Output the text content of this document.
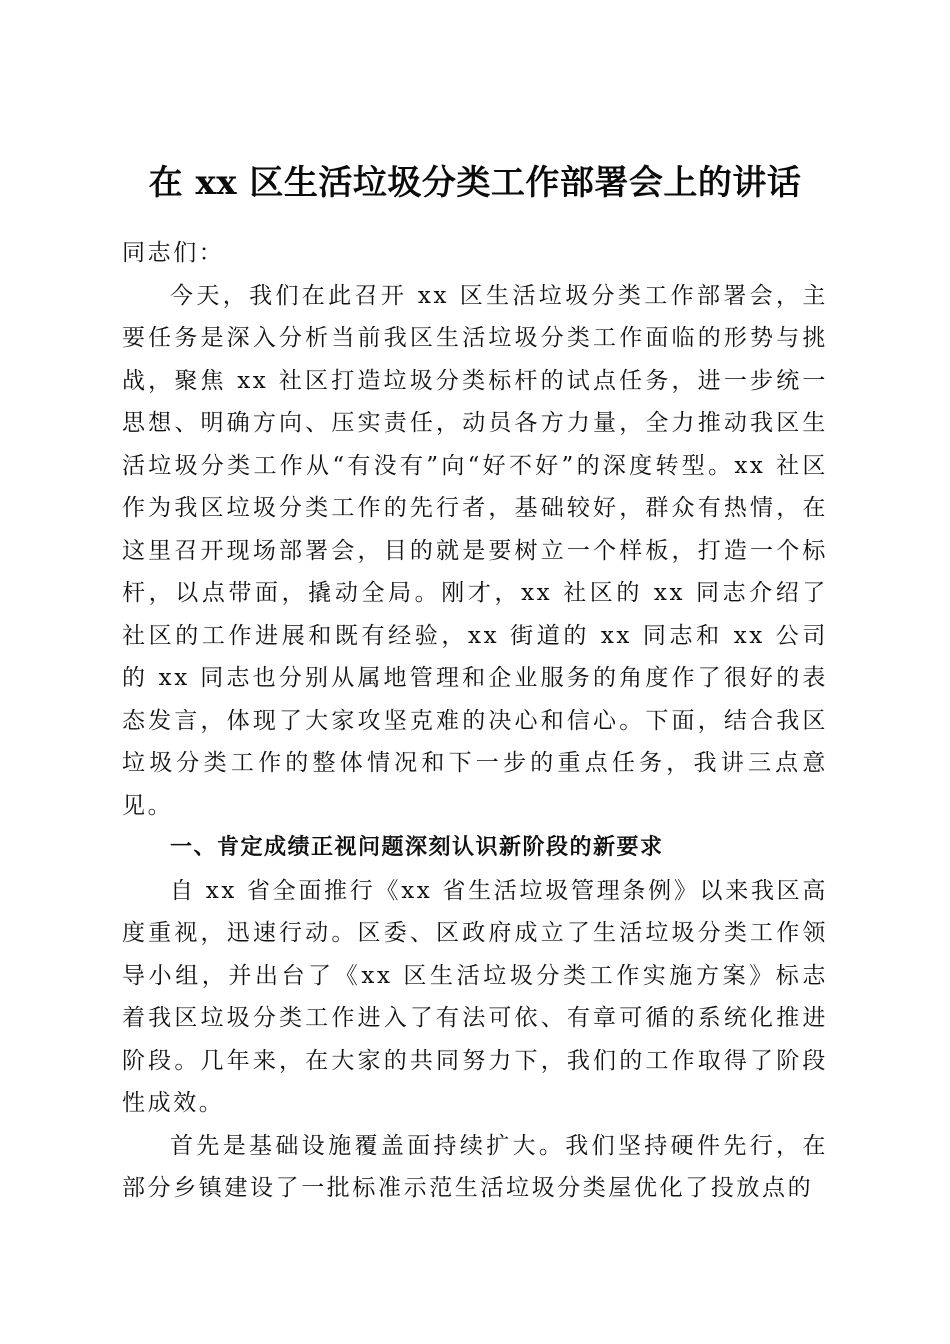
在 xx 区生活垃圾分类工作部署会上的讲话

同志们：

今天，我们在此召开 xx 区生活垃圾分类工作部署会，主要任务是深入分析当前我区生活垃圾分类工作面临的形势与挑战，聚焦 xx 社区打造垃圾分类标杆的试点任务，进一步统一思想、明确方向、压实责任，动员各方力量，全力推动我区生活垃圾分类工作从“有没有”向“好不好”的深度转型。xx 社区作为我区垃圾分类工作的先行者，基础较好，群众有热情，在这里召开现场部署会，目的就是要树立一个样板，打造一个标杆，以点带面，撬动全局。刚才，xx 社区的 xx 同志介绍了社区的工作进展和既有经验，xx 街道的 xx 同志和 xx 公司的 xx 同志也分别从属地管理和企业服务的角度作了很好的表态发言，体现了大家攻坚克难的决心和信心。下面，结合我区垃圾分类工作的整体情况和下一步的重点任务，我讲三点意见。

一、肯定成绩正视问题深刻认识新阶段的新要求

自 xx 省全面推行《xx 省生活垃圾管理条例》以来我区高度重视，迅速行动。区委、区政府成立了生活垃圾分类工作领导小组，并出台了《xx 区生活垃圾分类工作实施方案》标志着我区垃圾分类工作进入了有法可依、有章可循的系统化推进阶段。几年来，在大家的共同努力下，我们的工作取得了阶段性成效。

首先是基础设施覆盖面持续扩大。我们坚持硬件先行，在部分乡镇建设了一批标准示范生活垃圾分类屋优化了投放点的
